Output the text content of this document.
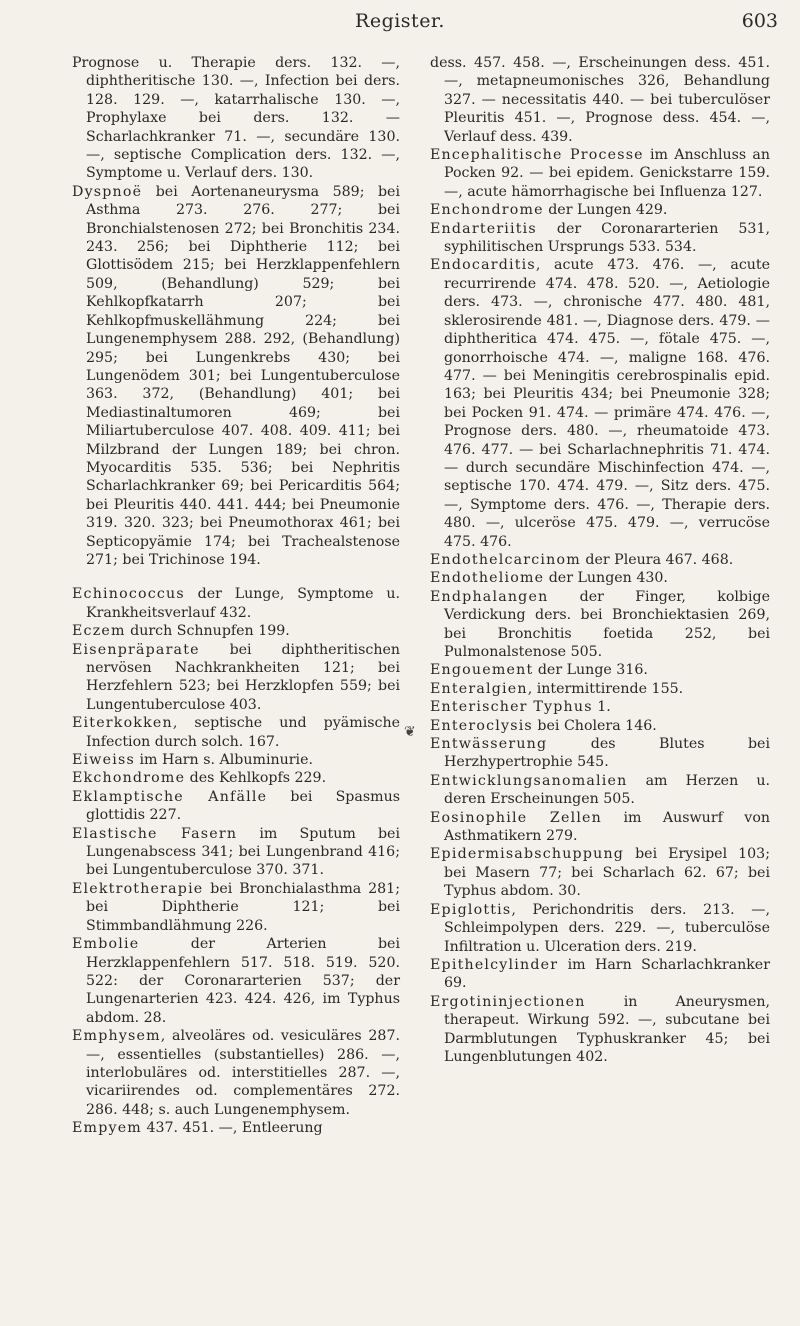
Register.	603
Prognose u. Therapie ders. 132. —, diphtheritische 130. —, Infection bei ders. 128. 129. —, katarrhalische 130. —, Prophylaxe bei ders. 132. — Scharlachkranker 71. —, secundäre 130. —, septische Complication ders. 132. —, Symptome u. Verlauf ders. 130.
Dyspnoë bei Aortenaneurysma 589; bei Asthma 273. 276. 277; bei Bronchialstenosen 272; bei Bronchitis 234. 243. 256; bei Diphtherie 112; bei Glottisödem 215; bei Herzklappenfehlern 509, (Behandlung) 529; bei Kehlkopfkatarrh 207; bei Kehlkopfmuskellähmung 224; bei Lungenemphysem 288. 292, (Behandlung) 295; bei Lungenkrebs 430; bei Lungenödem 301; bei Lungentuberculose 363. 372, (Behandlung) 401; bei Mediastinaltumoren 469; bei Miliartuberculose 407. 408. 409. 411; bei Milzbrand der Lungen 189; bei chron. Myocarditis 535. 536; bei Nephritis Scharlachkranker 69; bei Pericarditis 564; bei Pleuritis 440. 441. 444; bei Pneumonie 319. 320. 323; bei Pneumothorax 461; bei Septicopyämie 174; bei Trachealstenose 271; bei Trichinose 194.
Echinococcus der Lunge, Symptome u. Krankheitsverlauf 432.
Eczem durch Schnupfen 199.
Eisenpräparate bei diphtheritischen nervösen Nachkrankheiten 121; bei Herzfehlern 523; bei Herzklopfen 559; bei Lungentuberculose 403.
Eiterkokken, septische und pyämische Infection durch solch. 167.
Eiweiss im Harn s. Albuminurie.
Ekchondrome des Kehlkopfs 229.
Eklamptische Anfälle bei Spasmus glottidis 227.
Elastische Fasern im Sputum bei Lungenabscess 341; bei Lungenbrand 416; bei Lungentuberculose 370. 371.
Elektrotherapie bei Bronchialasthma 281; bei Diphtherie 121; bei Stimmbandlähmung 226.
Embolie der Arterien bei Herzklappenfehlern 517. 518. 519. 520. 522: der Coronararterien 537; der Lungenarterien 423. 424. 426, im Typhus abdom. 28.
Emphysem, alveoläres od. vesiculäres 287. —, essentielles (substantielles) 286. —, interlobuläres od. interstitielles 287. —, vicariirendes od. complementäres 272. 286. 448; s. auch Lungenemphysem.
Empyem 437. 451. —, Entleerung
❦
dess. 457. 458. —, Erscheinungen dess. 451. —, metapneumonisches 326, Behandlung 327. — necessitatis 440. — bei tuberculöser Pleuritis 451. —, Prognose dess. 454. —, Verlauf dess. 439.
Encephalitische Processe im Anschluss an Pocken 92. — bei epidem. Genickstarre 159. —, acute hämorrhagische bei Influenza 127.
Enchondrome der Lungen 429.
Endarteriitis der Coronararterien 531, syphilitischen Ursprungs 533. 534.
Endocarditis, acute 473. 476. —, acute recurrirende 474. 478. 520. —, Aetiologie ders. 473. —, chronische 477. 480. 481, sklerosirende 481. —, Diagnose ders. 479. — diphtheritica 474. 475. —, fötale 475. —, gonorrhoische 474. —, maligne 168. 476. 477. — bei Meningitis cerebrospinalis epid. 163; bei Pleuritis 434; bei Pneumonie 328; bei Pocken 91. 474. — primäre 474. 476. —, Prognose ders. 480. —, rheumatoide 473. 476. 477. — bei Scharlachnephritis 71. 474. — durch secundäre Mischinfection 474. —, septische 170. 474. 479. —, Sitz ders. 475. —, Symptome ders. 476. —, Therapie ders. 480. —, ulceröse 475. 479. —, verrucöse 475. 476.
Endothelcarcinom der Pleura 467. 468.
Endotheliome der Lungen 430.
Endphalangen der Finger, kolbige Verdickung ders. bei Bronchiektasien 269, bei Bronchitis foetida 252, bei Pulmonalstenose 505.
Engouement der Lunge 316.
Enteralgien, intermittirende 155.
Enterischer Typhus 1.
Enteroclysis bei Cholera 146.
Entwässerung des Blutes bei Herzhypertrophie 545.
Entwicklungsanomalien am Herzen u. deren Erscheinungen 505.
Eosinophile Zellen im Auswurf von Asthmatikern 279.
Epidermisabschuppung bei Erysipel 103; bei Masern 77; bei Scharlach 62. 67; bei Typhus abdom. 30.
Epiglottis, Perichondritis ders. 213. —, Schleimpolypen ders. 229. —, tuberculöse Infiltration u. Ulceration ders. 219.
Epithelcylinder im Harn Scharlachkranker 69.
Ergotininjectionen in Aneurysmen, therapeut. Wirkung 592. —, subcutane bei Darmblutungen Typhuskranker 45; bei Lungenblutungen 402.
